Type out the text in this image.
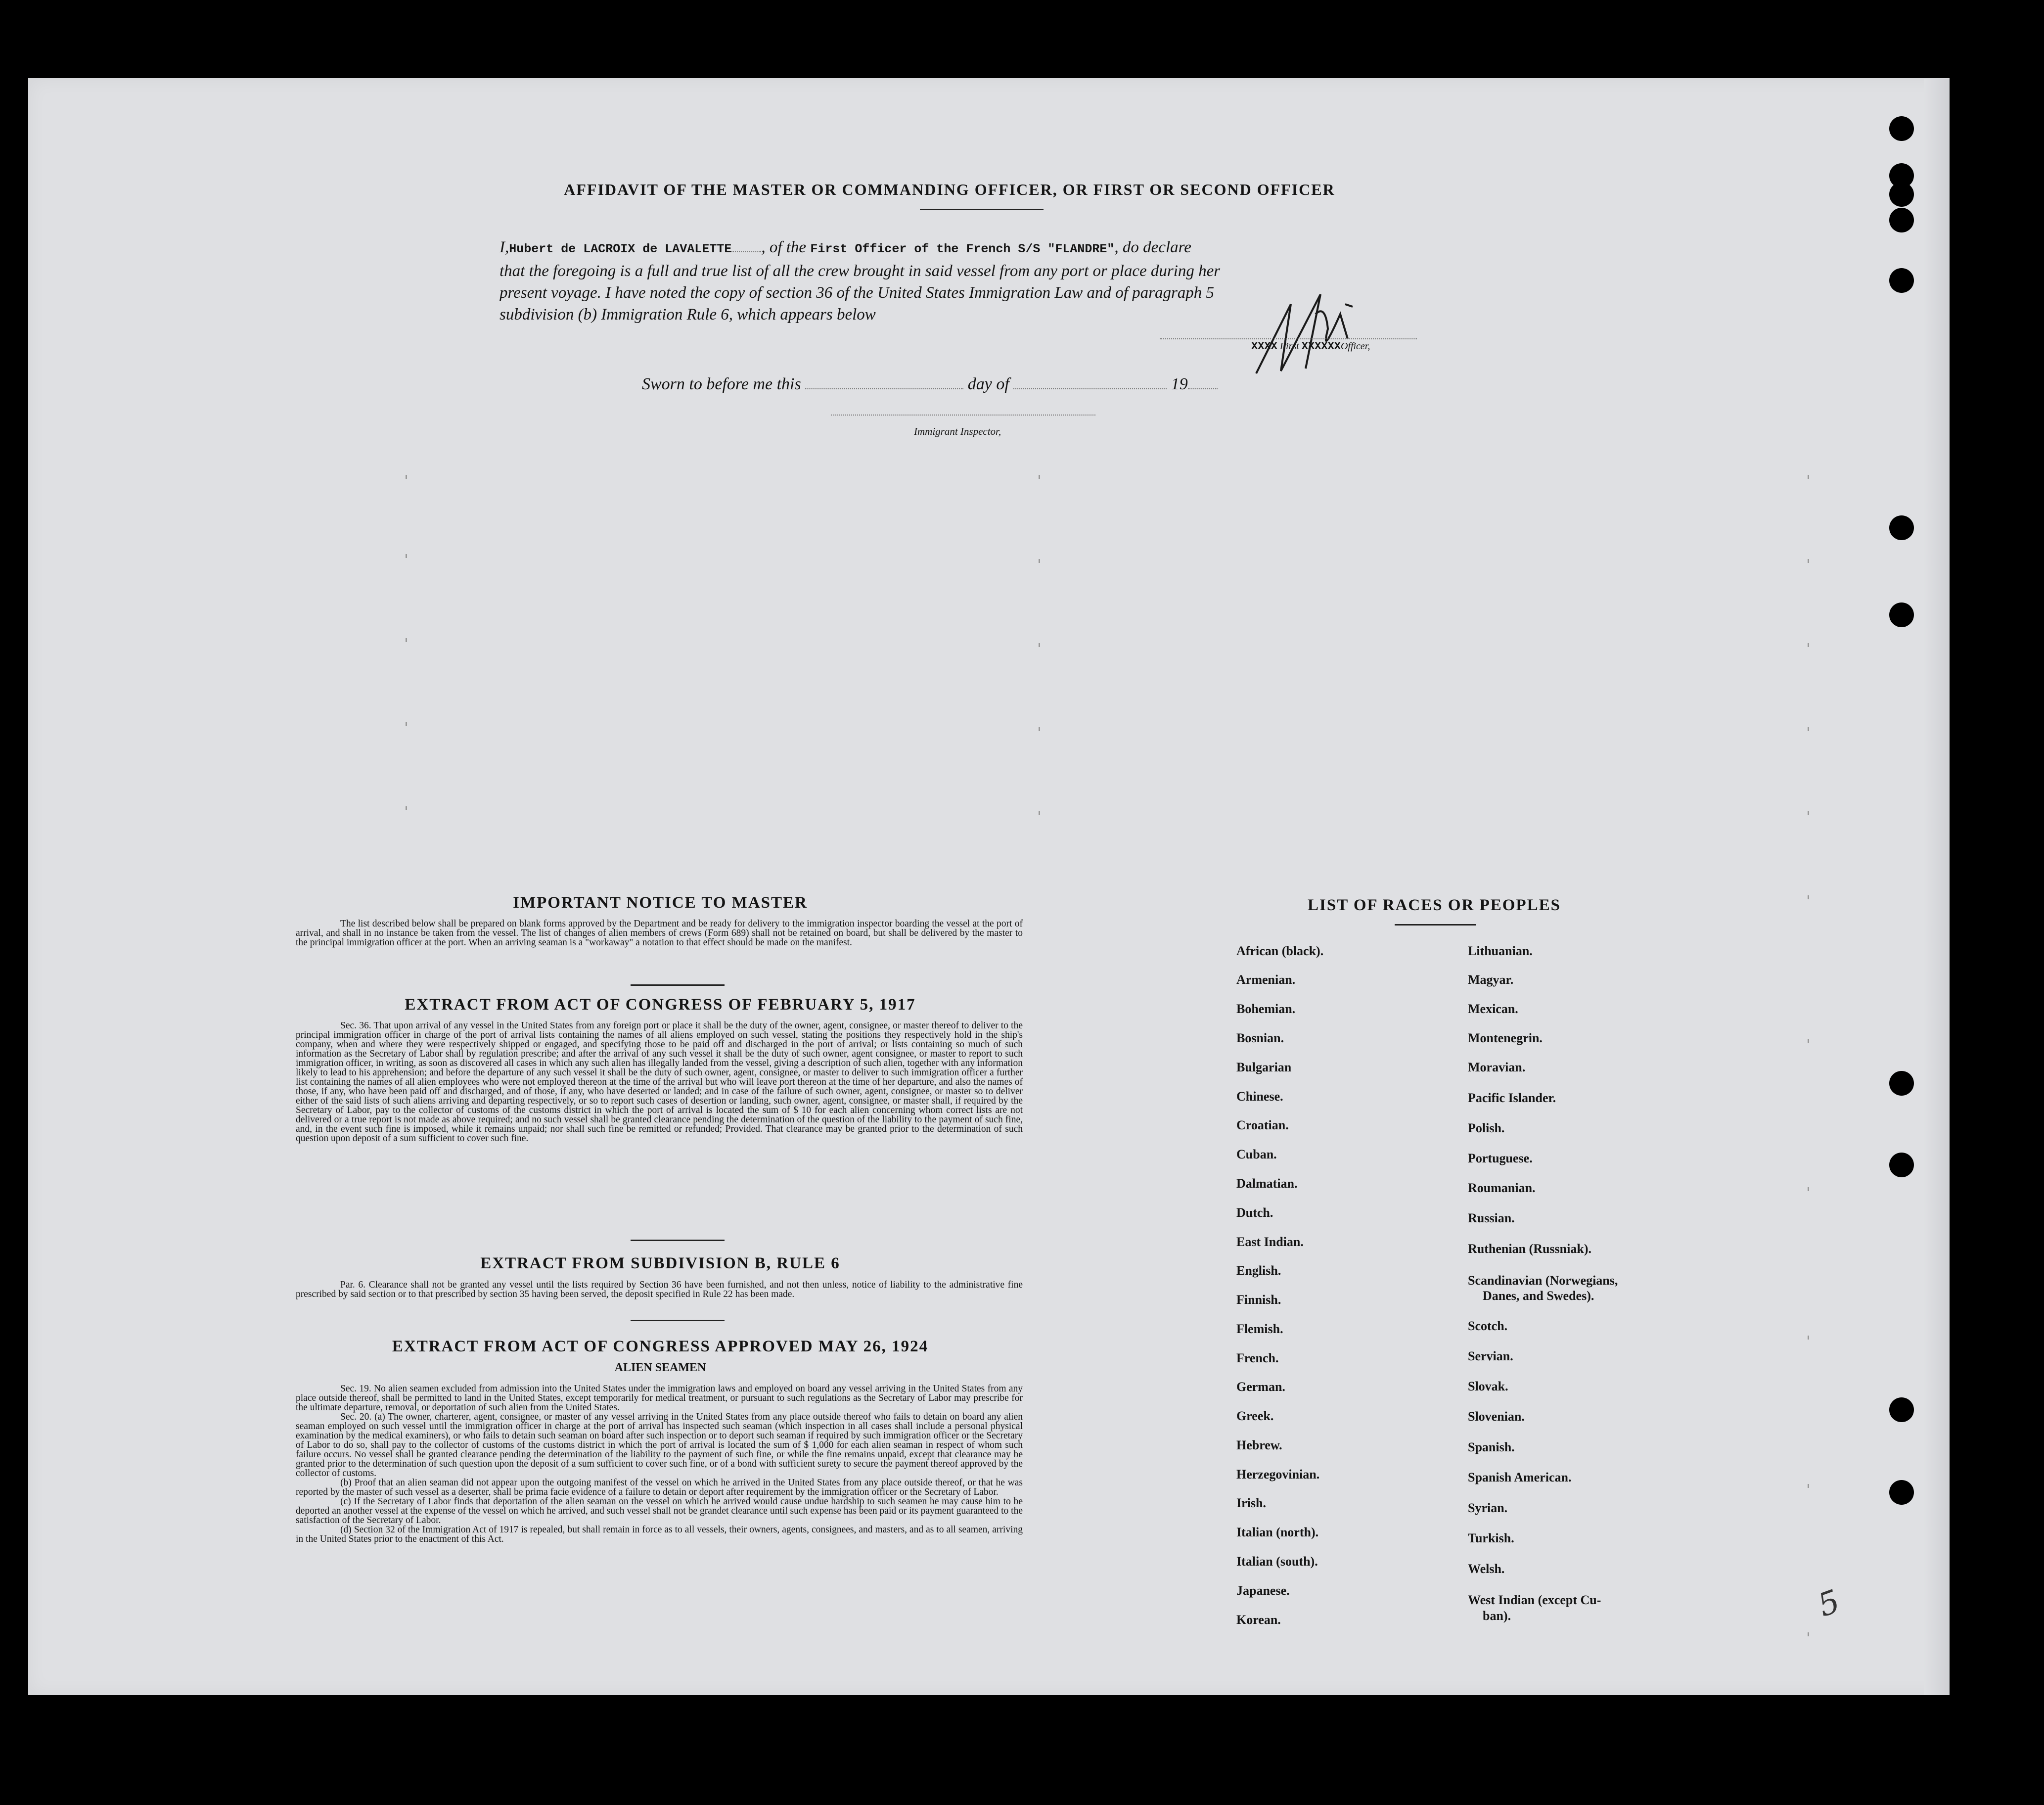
AFFIDAVIT OF THE MASTER OR COMMANDING OFFICER, OR FIRST OR SECOND OFFICER
I,Hubert de LACROIX de LAVALETTE , of the First Officer of the French S/S "FLANDRE", do declare
that the foregoing is a full and true list of all the crew brought in said vessel from any port or place during her
present voyage. I have noted the copy of section 36 of the United States Immigration Law and of paragraph 5
subdivision (b) Immigration Rule 6, which appears below
XXXX First XXXXXXOfficer,
Sworn to before me this	day of	19
Immigrant Inspector,
IMPORTANT NOTICE TO MASTER

The list described below shall be prepared on blank forms approved by the Department and be ready for delivery to the immigration inspector boarding the vessel at the port of arrival, and shall in no instance be taken from the vessel. The list of changes of alien members of crews (Form 689) shall not be retained on board, but shall be delivered by the master to the principal immigration officer at the port. When an arriving seaman is a "workaway" a notation to that effect should be made on the manifest.

EXTRACT FROM ACT OF CONGRESS OF FEBRUARY 5, 1917

Sec. 36. That upon arrival of any vessel in the United States from any foreign port or place it shall be the duty of the owner, agent, consignee, or master thereof to deliver to the principal immigration officer in charge of the port of arrival lists containing the names of all aliens employed on such vessel, stating the positions they respectively hold in the ship's company, when and where they were respectively shipped or engaged, and specifying those to be paid off and discharged in the port of arrival; or lists containing so much of such information as the Secretary of Labor shall by regulation prescribe; and after the arrival of any such vessel it shall be the duty of such owner, agent consignee, or master to report to such immigration officer, in writing, as soon as discovered all cases in which any such alien has illegally landed from the vessel, giving a description of such alien, together with any information likely to lead to his apprehension; and before the departure of any such vessel it shall be the duty of such owner, agent, consignee, or master to deliver to such immigration officer a further list containing the names of all alien employees who were not employed thereon at the time of the arrival but who will leave port thereon at the time of her departure, and also the names of those, if any, who have been paid off and discharged, and of those, if any, who have deserted or landed; and in case of the failure of such owner, agent, consignee, or master so to deliver either of the said lists of such aliens arriving and departing respectively, or so to report such cases of desertion or landing, such owner, agent, consignee, or master shall, if required by the Secretary of Labor, pay to the collector of customs of the customs district in which the port of arrival is located the sum of $ 10 for each alien concerning whom correct lists are not delivered or a true report is not made as above required; and no such vessel shall be granted clearance pending the determination of the question of the liability to the payment of such fine, and, in the event such fine is imposed, while it remains unpaid; nor shall such fine be remitted or refunded; Provided. That clearance may be granted prior to the determination of such question upon deposit of a sum sufficient to cover such fine.

EXTRACT FROM SUBDIVISION B, RULE 6

Par. 6. Clearance shall not be granted any vessel until the lists required by Section 36 have been furnished, and not then unless, notice of liability to the administrative fine prescribed by said section or to that prescribed by section 35 having been served, the deposit specified in Rule 22 has been made.

EXTRACT FROM ACT OF CONGRESS APPROVED MAY 26, 1924
ALIEN SEAMEN

Sec. 19. No alien seamen excluded from admission into the United States under the immigration laws and employed on board any vessel arriving in the United States from any place outside thereof, shall be permitted to land in the United States, except temporarily for medical treatment, or pursuant to such regulations as the Secretary of Labor may prescribe for the ultimate departure, removal, or deportation of such alien from the United States.

Sec. 20. (a) The owner, charterer, agent, consignee, or master of any vessel arriving in the United States from any place outside thereof who fails to detain on board any alien seaman employed on such vessel until the immigration officer in charge at the port of arrival has inspected such seaman (which inspection in all cases shall include a personal physical examination by the medical examiners), or who fails to detain such seaman on board after such inspection or to deport such seaman if required by such immigration officer or the Secretary of Labor to do so, shall pay to the collector of customs of the customs district in which the port of arrival is located the sum of $ 1,000 for each alien seaman in respect of whom such failure occurs. No vessel shall be granted clearance pending the determination of the liability to the payment of such fine, or while the fine remains unpaid, except that clearance may be granted prior to the determination of such question upon the deposit of a sum sufficient to cover such fine, or of a bond with sufficient surety to secure the payment thereof approved by the collector of customs.

(b) Proof that an alien seaman did not appear upon the outgoing manifest of the vessel on which he arrived in the United States from any place outside thereof, or that he was reported by the master of such vessel as a deserter, shall be prima facie evidence of a failure to detain or deport after requirement by the immigration officer or the Secretary of Labor.

(c) If the Secretary of Labor finds that deportation of the alien seaman on the vessel on which he arrived would cause undue hardship to such seamen he may cause him to be deported an another vessel at the expense of the vessel on which he arrived, and such vessel shall not be grandet clearance until such expense has been paid or its payment guaranteed to the satisfaction of the Secretary of Labor.

(d) Section 32 of the Immigration Act of 1917 is repealed, but shall remain in force as to all vessels, their owners, agents, consignees, and masters, and as to all seamen, arriving in the United States prior to the enactment of this Act.

LIST OF RACES OR PEOPLES
African (black).
Armenian.
Bohemian.
Bosnian.
Bulgarian
Chinese.
Croatian.
Cuban.
Dalmatian.
Dutch.
East Indian.
English.
Finnish.
Flemish.
French.
German.
Greek.
Hebrew.
Herzegovinian.
Irish.
Italian (north).
Italian (south).
Japanese.
Korean.
Lithuanian.
Magyar.
Mexican.
Montenegrin.
Moravian.
Pacific Islander.
Polish.
Portuguese.
Roumanian.
Russian.
Ruthenian (Russniak).
Scandinavian (Norwegians,
Danes, and Swedes).
Scotch.
Servian.
Slovak.
Slovenian.
Spanish.
Spanish American.
Syrian.
Turkish.
Welsh.
West Indian (except Cu-
ban).	5
